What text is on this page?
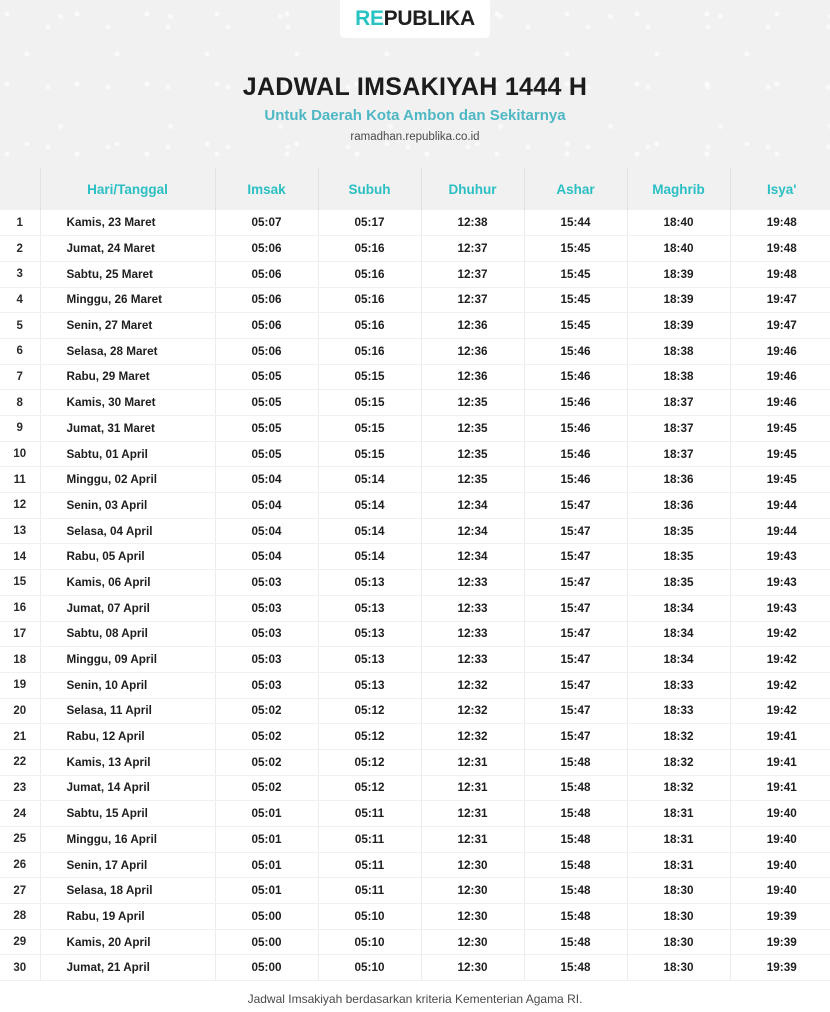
REPUBLIKA
JADWAL IMSAKIYAH 1444 H
Untuk Daerah Kota Ambon dan Sekitarnya
ramadhan.republika.co.id
	Hari/Tanggal	Imsak	Subuh	Dhuhur	Ashar	Maghrib	Isya'
1	Kamis, 23 Maret	05:07	05:17	12:38	15:44	18:40	19:48
2	Jumat, 24 Maret	05:06	05:16	12:37	15:45	18:40	19:48
3	Sabtu, 25 Maret	05:06	05:16	12:37	15:45	18:39	19:48
4	Minggu, 26 Maret	05:06	05:16	12:37	15:45	18:39	19:47
5	Senin, 27 Maret	05:06	05:16	12:36	15:45	18:39	19:47
6	Selasa, 28 Maret	05:06	05:16	12:36	15:46	18:38	19:46
7	Rabu, 29 Maret	05:05	05:15	12:36	15:46	18:38	19:46
8	Kamis, 30 Maret	05:05	05:15	12:35	15:46	18:37	19:46
9	Jumat, 31 Maret	05:05	05:15	12:35	15:46	18:37	19:45
10	Sabtu, 01 April	05:05	05:15	12:35	15:46	18:37	19:45
11	Minggu, 02 April	05:04	05:14	12:35	15:46	18:36	19:45
12	Senin, 03 April	05:04	05:14	12:34	15:47	18:36	19:44
13	Selasa, 04 April	05:04	05:14	12:34	15:47	18:35	19:44
14	Rabu, 05 April	05:04	05:14	12:34	15:47	18:35	19:43
15	Kamis, 06 April	05:03	05:13	12:33	15:47	18:35	19:43
16	Jumat, 07 April	05:03	05:13	12:33	15:47	18:34	19:43
17	Sabtu, 08 April	05:03	05:13	12:33	15:47	18:34	19:42
18	Minggu, 09 April	05:03	05:13	12:33	15:47	18:34	19:42
19	Senin, 10 April	05:03	05:13	12:32	15:47	18:33	19:42
20	Selasa, 11 April	05:02	05:12	12:32	15:47	18:33	19:42
21	Rabu, 12 April	05:02	05:12	12:32	15:47	18:32	19:41
22	Kamis, 13 April	05:02	05:12	12:31	15:48	18:32	19:41
23	Jumat, 14 April	05:02	05:12	12:31	15:48	18:32	19:41
24	Sabtu, 15 April	05:01	05:11	12:31	15:48	18:31	19:40
25	Minggu, 16 April	05:01	05:11	12:31	15:48	18:31	19:40
26	Senin, 17 April	05:01	05:11	12:30	15:48	18:31	19:40
27	Selasa, 18 April	05:01	05:11	12:30	15:48	18:30	19:40
28	Rabu, 19 April	05:00	05:10	12:30	15:48	18:30	19:39
29	Kamis, 20 April	05:00	05:10	12:30	15:48	18:30	19:39
30	Jumat, 21 April	05:00	05:10	12:30	15:48	18:30	19:39
Jadwal Imsakiyah berdasarkan kriteria Kementerian Agama RI.
